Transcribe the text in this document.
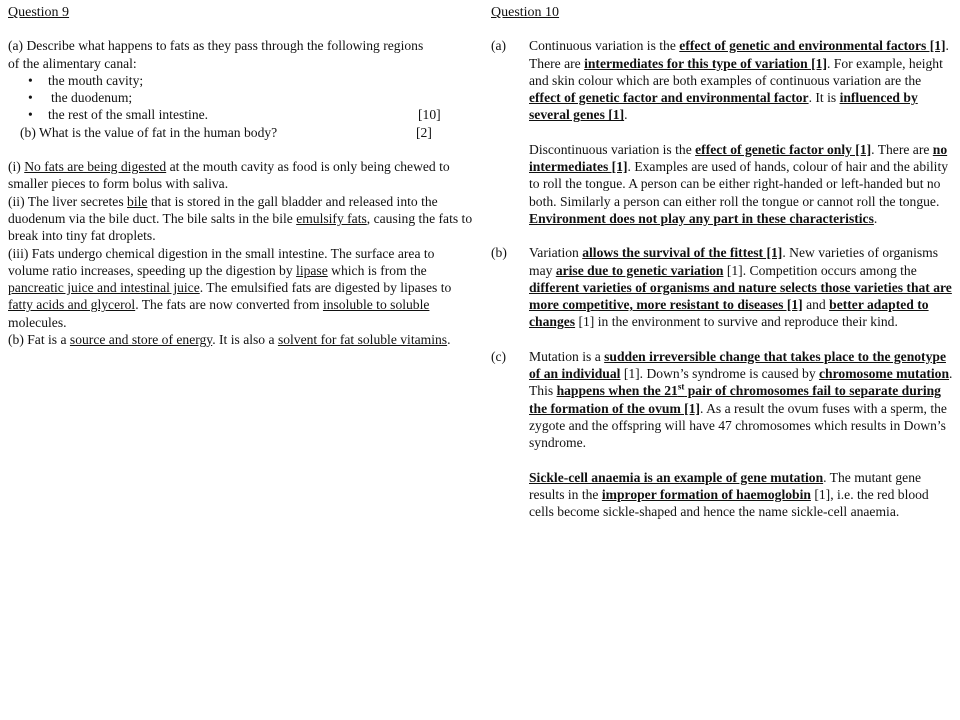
Question 9

(a) Describe what happens to fats as they pass through the following regions
of the alimentary canal:

• the mouth cavity;
• the duodenum;
• the rest of the small intestine.	[10]
(b) What is the value of fat in the human body?	[2]

(i) No fats are being digested at the mouth cavity as food is only being chewed to smaller pieces to form bolus with saliva.

(ii) The liver secretes bile that is stored in the gall bladder and released into the duodenum via the bile duct. The bile salts in the bile emulsify fats, causing the fats to break into tiny fat droplets.

(iii) Fats undergo chemical digestion in the small intestine. The surface area to volume ratio increases, speeding up the digestion by lipase which is from the pancreatic juice and intestinal juice. The emulsified fats are digested by lipases to fatty acids and glycerol. The fats are now converted from insoluble to soluble molecules.

(b) Fat is a source and store of energy. It is also a solvent for fat soluble vitamins.

Question 10
(a)	Continuous variation is the effect of genetic and environmental factors [1]. There are intermediates for this type of variation [1]. For example, height and skin colour which are both examples of continuous variation are the effect of genetic factor and environmental factor. It is influenced by several genes [1].

Discontinuous variation is the effect of genetic factor only [1]. There are no intermediates [1]. Examples are used of hands, colour of hair and the ability to roll the tongue. A person can be either right-handed or left-handed but no both. Similarly a person can either roll the tongue or cannot roll the tongue. Environment does not play any part in these characteristics.

(b)	Variation allows the survival of the fittest [1]. New varieties of organisms may arise due to genetic variation [1]. Competition occurs among the different varieties of organisms and nature selects those varieties that are more competitive, more resistant to diseases [1] and better adapted to changes [1] in the environment to survive and reproduce their kind.

(c)	Mutation is a sudden irreversible change that takes place to the genotype of an individual [1]. Down’s syndrome is caused by chromosome mutation. This happens when the 21st pair of chromosomes fail to separate during the formation of the ovum [1]. As a result the ovum fuses with a sperm, the zygote and the offspring will have 47 chromosomes which results in Down’s syndrome.

Sickle-cell anaemia is an example of gene mutation. The mutant gene results in the improper formation of haemoglobin [1], i.e. the red blood cells become sickle-shaped and hence the name sickle-cell anaemia.
